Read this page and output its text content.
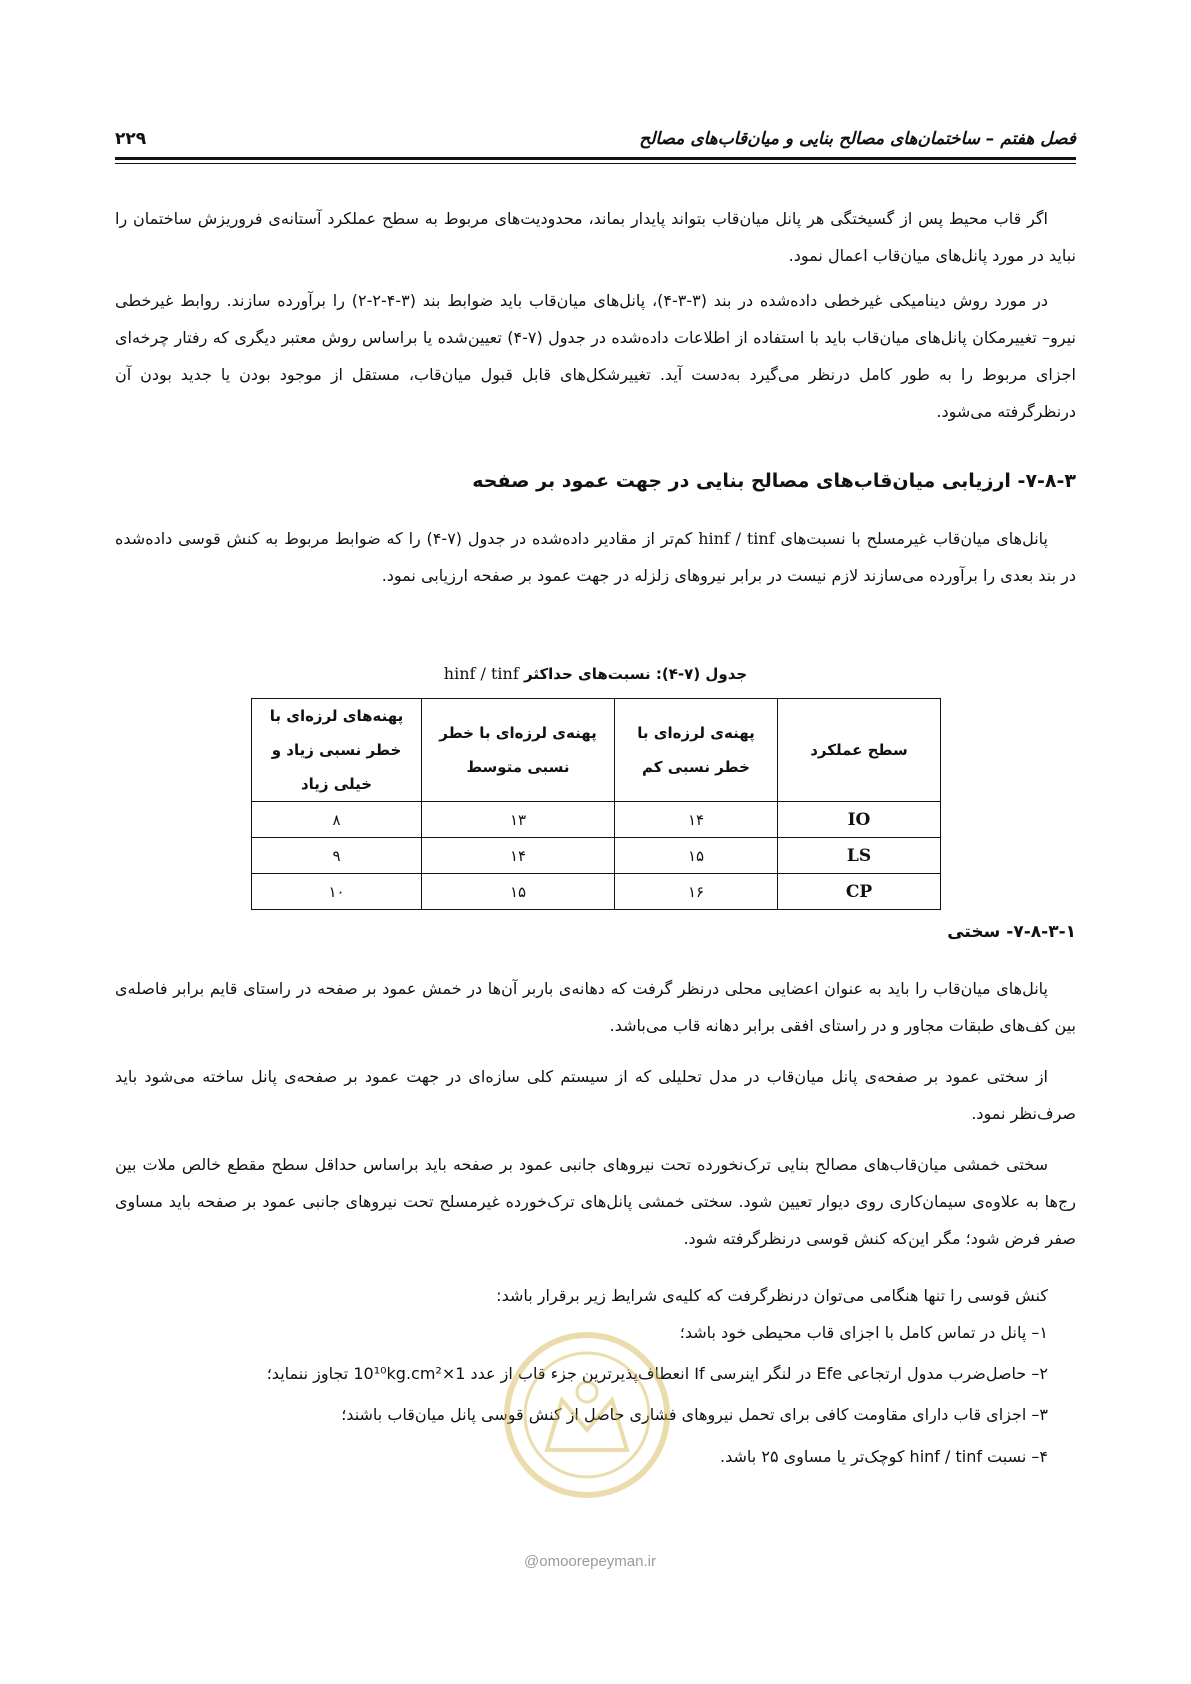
فصل هفتم – ساختمان‌های مصالح بنایی و میان‌قاب‌های مصالح
۲۲۹

اگر قاب محیط پس از گسیختگی هر پانل میان‌قاب بتواند پایدار بماند، محدودیت‌های مربوط به سطح عملکرد آستانه‌ی فروریزش ساختمان را نباید در مورد پانل‌های میان‌قاب اعمال نمود.

در مورد روش دینامیکی غیرخطی داده‌شده در بند (۳-۳-۴)، پانل‌های میان‌قاب باید ضوابط بند (۳-۴-۲-۲) را برآورده سازند. روابط غیرخطی نیرو– تغییرمکان پانل‌های میان‌قاب باید با استفاده از اطلاعات داده‌شده در جدول (۷-۴) تعیین‌شده یا براساس روش معتبر دیگری که رفتار چرخه‌ای اجزای مربوط را به طور کامل درنظر می‌گیرد به‌دست آید. تغییرشکل‌های قابل قبول میان‌قاب، مستقل از موجود بودن یا جدید بودن آن درنظرگرفته می‌شود.

۷-۸-۳- ارزیابی میان‌قاب‌های مصالح بنایی در جهت عمود بر صفحه

پانل‌های میان‌قاب غیرمسلح با نسبت‌های hinf / tinf کم‌تر از مقادیر داده‌شده در جدول (۷-۴) را که ضوابط مربوط به کنش قوسی داده‌شده در بند بعدی را برآورده می‌سازند لازم نیست در برابر نیروهای زلزله در جهت عمود بر صفحه ارزیابی نمود.

جدول (۷-۴): نسبت‌های حداکثر hinf / tinf
سطح عملکرد	پهنه‌ی لرزه‌ای با خطر نسبی کم	پهنه‌ی لرزه‌ای با خطر نسبی متوسط	پهنه‌های لرزه‌ای با خطر نسبی زیاد و خیلی زیاد
IO	۱۴	۱۳	۸
LS	۱۵	۱۴	۹
CP	۱۶	۱۵	۱۰
۷-۸-۳-۱- سختی

پانل‌های میان‌قاب را باید به عنوان اعضایی محلی درنظر گرفت که دهانه‌ی باربر آن‌ها در خمش عمود بر صفحه در راستای قایم برابر فاصله‌ی بین کف‌های طبقات مجاور و در راستای افقی برابر دهانه قاب می‌باشد.

از سختی عمود بر صفحه‌ی پانل میان‌قاب در مدل تحلیلی که از سیستم کلی سازه‌ای در جهت عمود بر صفحه‌ی پانل ساخته می‌شود باید صرف‌نظر نمود.

سختی خمشی میان‌قاب‌های مصالح بنایی ترک‌نخورده تحت نیروهای جانبی عمود بر صفحه باید براساس حداقل سطح مقطع خالص ملات بین رج‌ها به علاوه‌ی سیمان‌کاری روی دیوار تعیین شود. سختی خمشی پانل‌های ترک‌خورده غیرمسلح تحت نیروهای جانبی عمود بر صفحه باید مساوی صفر فرض شود؛ مگر این‌که کنش قوسی درنظرگرفته شود.

کنش قوسی را تنها هنگامی می‌توان درنظرگرفت که کلیه‌ی شرایط زیر برقرار باشد:

۱– پانل در تماس کامل با اجزای قاب محیطی خود باشد؛

۲– حاصل‌ضرب مدول ارتجاعی Efe در لنگر اینرسی If انعطاف‌پذیرترین جزء قاب از عدد 1×10¹⁰kg.cm² تجاوز ننماید؛

۳– اجزای قاب دارای مقاومت کافی برای تحمل نیروهای فشاری حاصل از کنش قوسی پانل میان‌قاب باشند؛

۴– نسبت hinf / tinf کوچک‌تر یا مساوی ۲۵ باشد.

@omoorepeyman.ir
